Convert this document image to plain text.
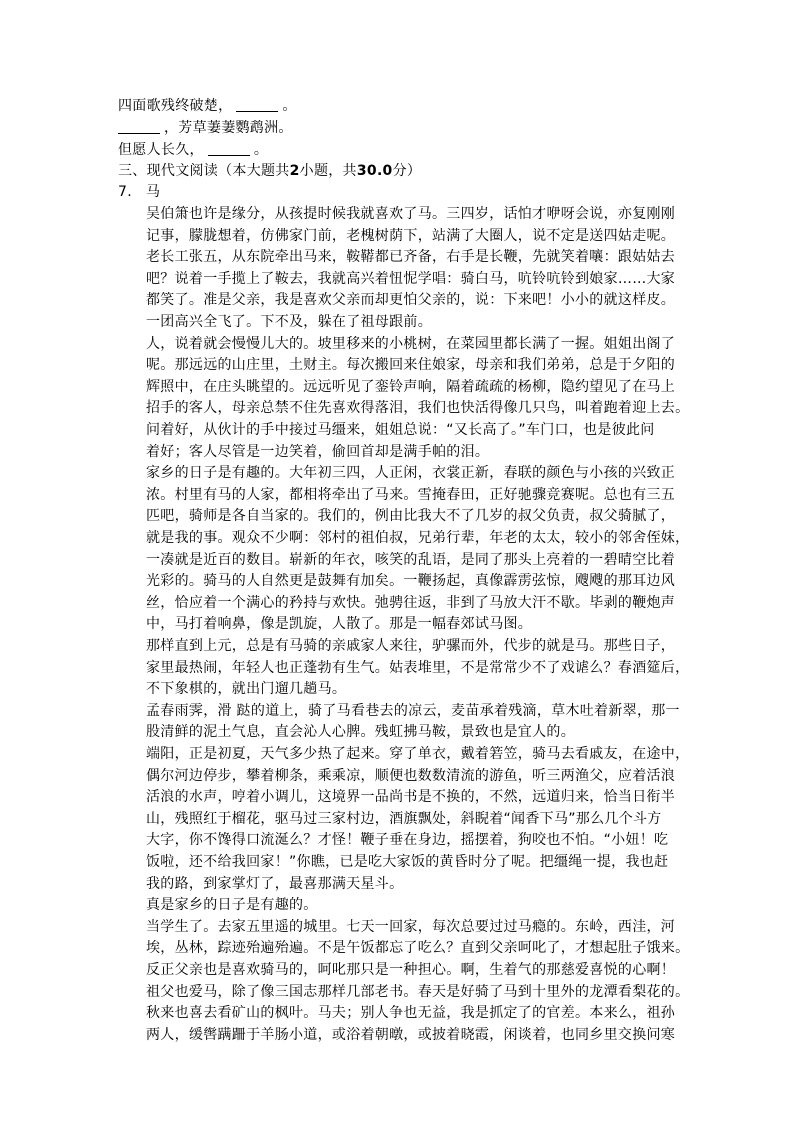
四面歌残终破楚，	。
，芳草萋萋鹦鹉洲。
但愿人长久，	。
三、现代文阅读（本大题共2小题，共30.0分）
7. 马
吴伯箫也许是缘分，从孩提时候我就喜欢了马。三四岁，话怕才咿呀会说，亦复刚刚
记事，朦胧想着，仿佛家门前，老槐树荫下，站满了大圈人，说不定是送四姑走呢。
老长工张五，从东院牵出马来，鞍鞯都已齐备，右手是长鞭，先就笑着嚷：跟姑姑去
吧？说着一手揽上了鞍去，我就高兴着忸怩学唱：骑白马，吭铃吭铃到娘家……大家
都笑了。准是父亲，我是喜欢父亲而却更怕父亲的，说：下来吧！小小的就这样皮。
一团高兴全飞了。下不及，躲在了祖母跟前。
人，说着就会慢慢儿大的。坡里移来的小桃树，在菜园里都长满了一握。姐姐出阁了
呢。那远远的山庄里，土财主。每次搬回来住娘家，母亲和我们弟弟，总是于夕阳的
辉照中，在庄头眺望的。远远听见了銮铃声响，隔着疏疏的杨柳，隐约望见了在马上
招手的客人，母亲总禁不住先喜欢得落泪，我们也快活得像几只鸟，叫着跑着迎上去。
问着好，从伙计的手中接过马缰来，姐姐总说：“又长高了。”车门口，也是彼此问
着好；客人尽管是一边笑着，偷回首却是满手帕的泪。
家乡的日子是有趣的。大年初三四，人正闲，衣裳正新，春联的颜色与小孩的兴致正
浓。村里有马的人家，都相将牵出了马来。雪掩春田，正好驰骤竞赛呢。总也有三五
匹吧，骑师是各自当家的。我们的，例由比我大不了几岁的叔父负责，叔父骑腻了，
就是我的事。观众不少啊：邻村的祖伯叔，兄弟行辈，年老的太太，较小的邻舍侄妹，
一凑就是近百的数目。崭新的年衣，咳笑的乱语，是同了那头上亮着的一碧晴空比着
光彩的。骑马的人自然更是鼓舞有加矣。一鞭扬起，真像霹雳弦惊，飕飕的那耳边风
丝，恰应着一个满心的矜持与欢快。弛骋往返，非到了马放大汗不歇。毕剥的鞭炮声
中，马打着响鼻，像是凯旋，人散了。那是一幅春郊试马图。
那样直到上元，总是有马骑的亲戚家人来往，驴骡而外，代步的就是马。那些日子，
家里最热闹，年轻人也正蓬勃有生气。姑表堆里，不是常常少不了戏谑么？春酒筵后，
不下象棋的，就出门遛几趟马。
孟春雨霁，滑 跶的道上，骑了马看巷去的凉云，麦苗承着残滴，草木吐着新翠，那一
股清鲜的泥土气息，直会沁人心脾。残虹拂马鞍，景致也是宜人的。
端阳，正是初夏，天气多少热了起来。穿了单衣，戴着箬笠，骑马去看戚友，在途中，
偶尔河边停步，攀着柳条，乘乘凉，顺便也数数清流的游鱼，听三两渔父，应着活浪
活浪的水声，哼着小调儿，这境界一品尚书是不换的，不然，远道归来，恰当日衔半
山，残照红于榴花，驱马过三家村边，酒旗飘处，斜睨着“闻香下马”那么几个斗方
大字，你不馋得口流涎么？才怪！鞭子垂在身边，摇摆着，狗咬也不怕。“小妞！吃
饭啦，还不给我回家！”你瞧，已是吃大家饭的黄昏时分了呢。把缰绳一提，我也赶
我的路，到家掌灯了，最喜那满天星斗。
真是家乡的日子是有趣的。
当学生了。去家五里遥的城里。七天一回家，每次总要过过马瘾的。东岭，西洼，河
埃，丛林，踪迹殆遍殆遍。不是午饭都忘了吃么？直到父亲呵叱了，才想起肚子饿来。
反正父亲也是喜欢骑马的，呵叱那只是一种担心。啊，生着气的那慈爱喜悦的心啊！
祖父也爱马，除了像三国志那样几部老书。春天是好骑了马到十里外的龙潭看梨花的。
秋来也喜去看矿山的枫叶。马夫；别人争也无益，我是抓定了的官差。本来么，祖孙
两人，缓辔蹒跚于羊肠小道，或浴着朝暾，或披着晓霞，闲谈着，也同乡里交换问寒
